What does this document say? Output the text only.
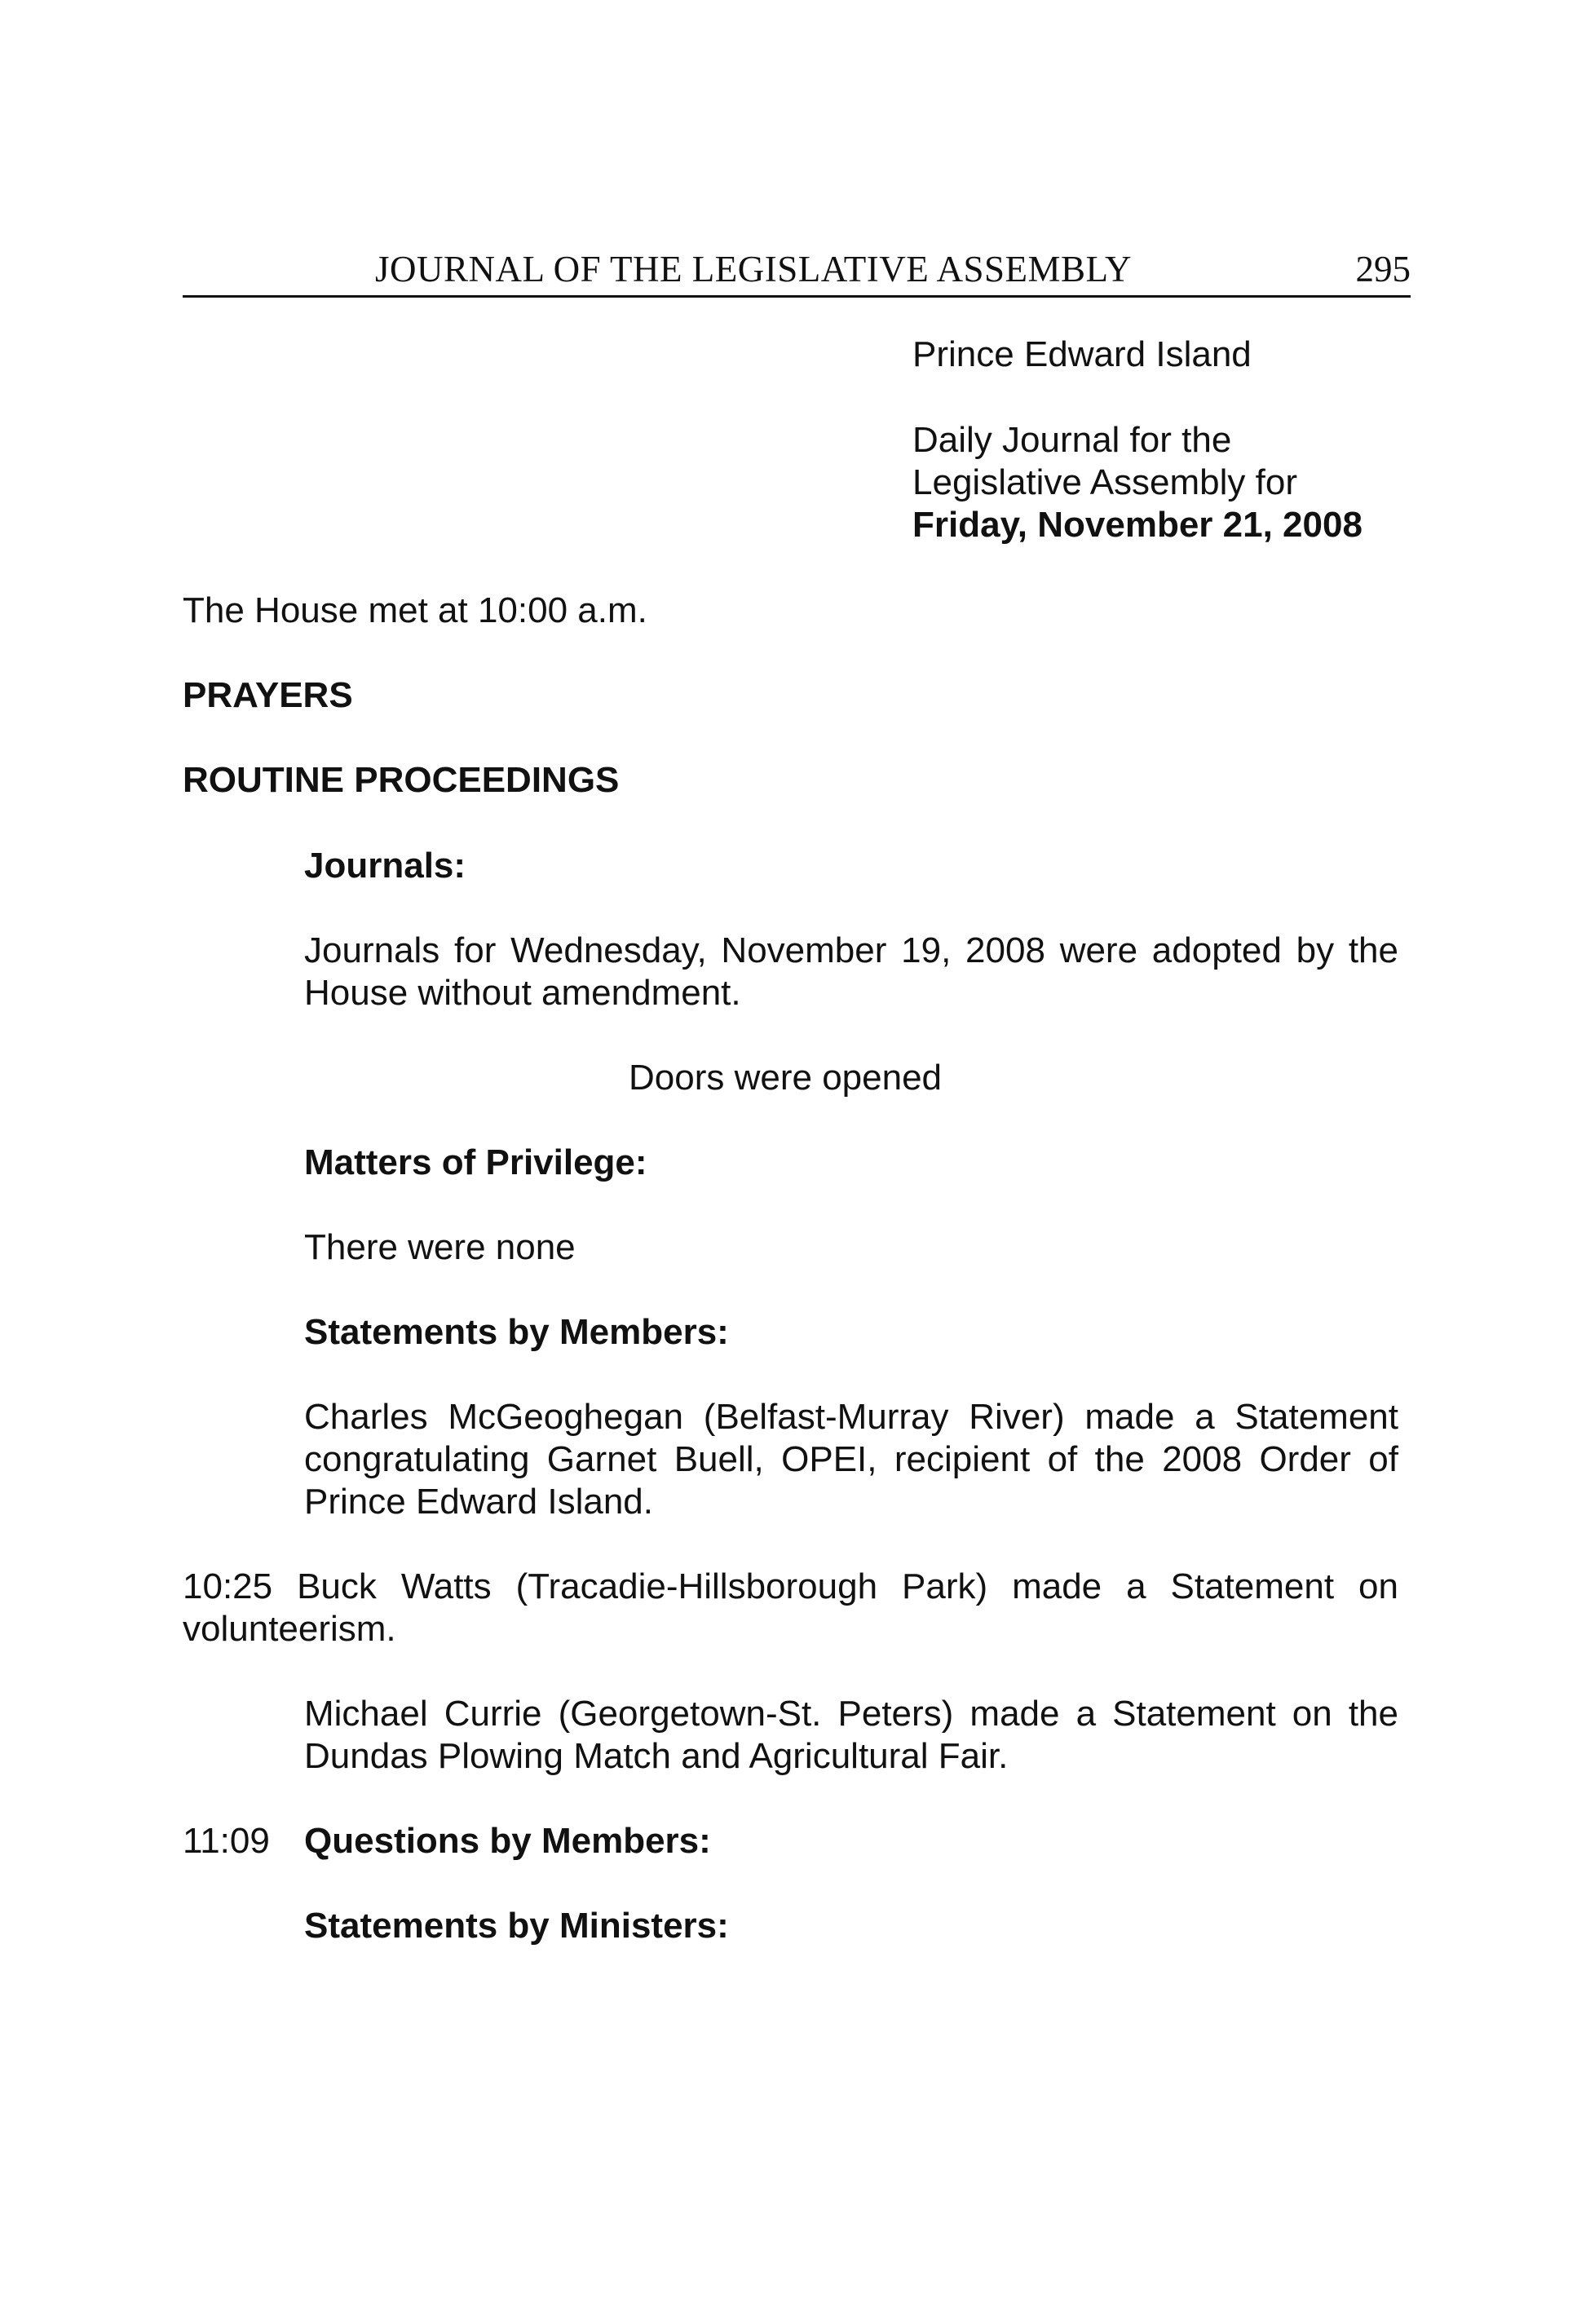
JOURNAL OF THE LEGISLATIVE ASSEMBLY	295
Prince Edward Island
Daily Journal for the
Legislative Assembly for
Friday, November 21, 2008
The House met at 10:00 a.m.
PRAYERS
ROUTINE PROCEEDINGS
Journals:
Journals for Wednesday, November 19, 2008 were adopted by the House without amendment.
Doors were opened
Matters of Privilege:
There were none
Statements by Members:
Charles McGeoghegan (Belfast-Murray River) made a Statement congratulating Garnet Buell, OPEI, recipient of the 2008 Order of Prince Edward Island.
10:25 Buck Watts (Tracadie-Hillsborough Park) made a Statement on volunteerism.
Michael Currie (Georgetown-St. Peters) made a Statement on the Dundas Plowing Match and Agricultural Fair.
11:09 Questions by Members:
Statements by Ministers:
